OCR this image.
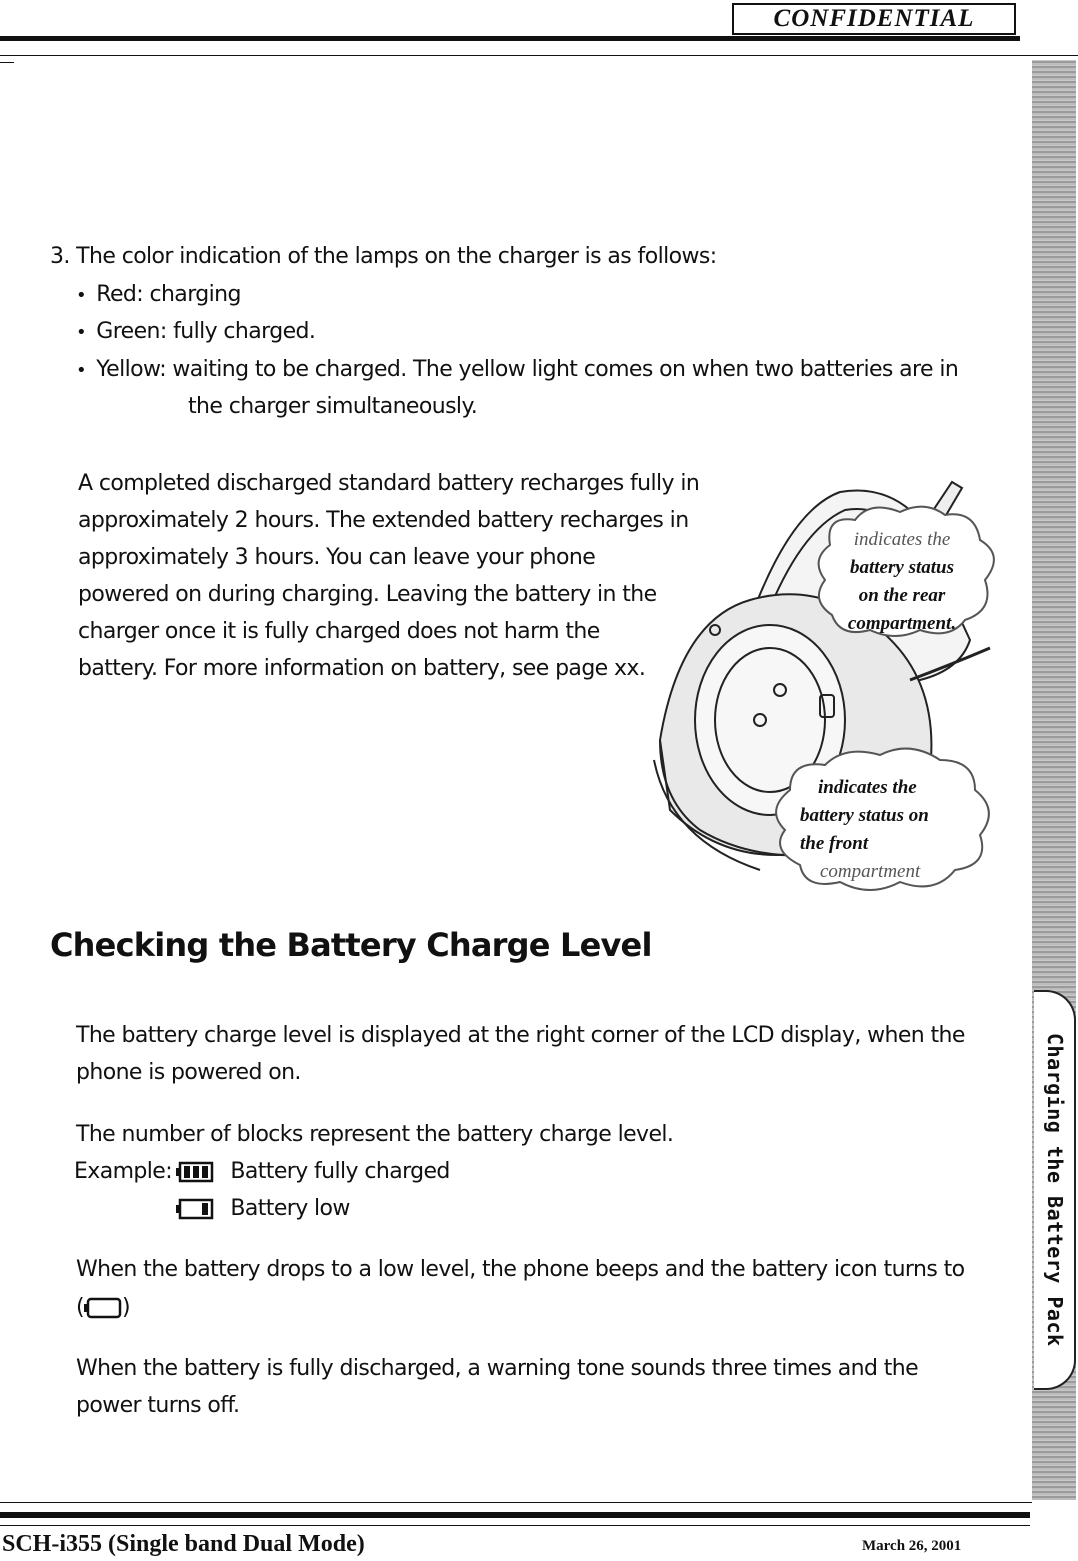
CONFIDENTIAL
Charging the Battery Pack
3. The color indication of the lamps on the charger is as follows:
•  Red: charging
•  Green: fully charged.
•  Yellow: waiting to be charged. The yellow light comes on when two batteries are in
the charger simultaneously.
A completed discharged standard battery recharges fully in
approximately 2 hours. The extended battery recharges in
approximately 3 hours. You can leave your phone
powered on during charging. Leaving the battery in the
charger once it is fully charged does not harm the
battery. For more information on battery, see page xx.
indicates the
battery status
on the rear
compartment.
indicates the
battery status on
the front
compartment
Checking the Battery Charge Level
The battery charge level is displayed at the right corner of the LCD display, when the
phone is powered on.
The number of blocks represent the battery charge level.
Example:	Battery fully charged
Battery low
When the battery drops to a low level, the phone beeps and the battery icon turns to
( )
When the battery is fully discharged, a warning tone sounds three times and the
power turns off.
SCH-i355 (Single band Dual Mode)	March 26, 2001
